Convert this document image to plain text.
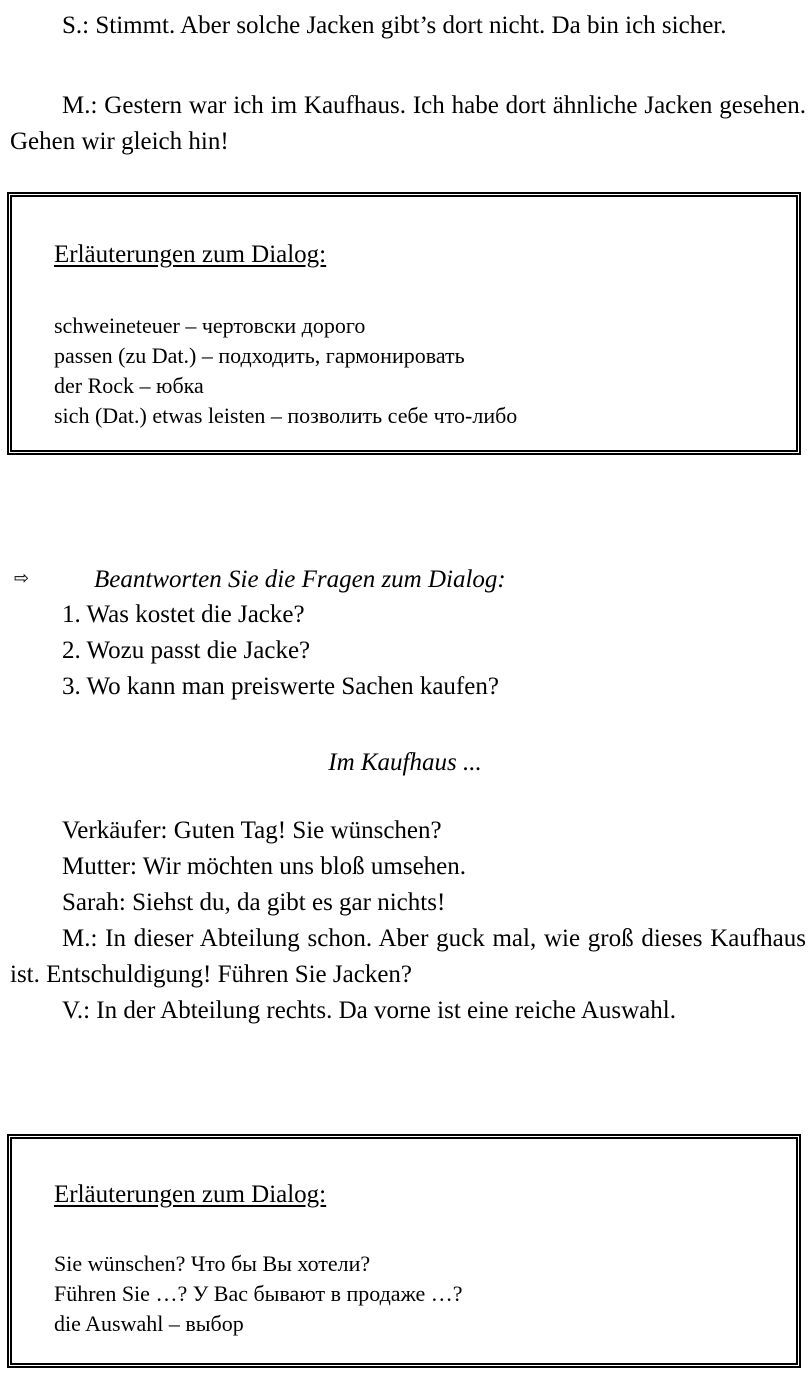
S.: Stimmt. Aber solche Jacken gibt’s dort nicht. Da bin ich sicher.

M.: Gestern war ich im Kaufhaus. Ich habe dort ähnliche Jacken gesehen. Gehen wir gleich hin!

Erläuterungen zum Dialog:

schweineteuer – чертовски дорого
passen (zu Dat.) – подходить, гармонировать
der Rock – юбка
sich (Dat.) etwas leisten – позволить себе что-либо
⇨	Beantworten Sie die Fragen zum Dialog:
1. Was kostet die Jacke?
2. Wozu passt die Jacke?
3. Wo kann man preiswerte Sachen kaufen?

Im Kaufhaus ...

Verkäufer: Guten Tag! Sie wünschen?

Mutter: Wir möchten uns bloß umsehen.

Sarah: Siehst du, da gibt es gar nichts!

M.: In dieser Abteilung schon. Aber guck mal, wie groß dieses Kaufhaus ist. Entschuldigung! Führen Sie Jacken?

V.: In der Abteilung rechts. Da vorne ist eine reiche Auswahl.

Erläuterungen zum Dialog:

Sie wünschen? Что бы Вы хотели?
Führen Sie …? У Вас бывают в продаже …?
die Auswahl – выбор
